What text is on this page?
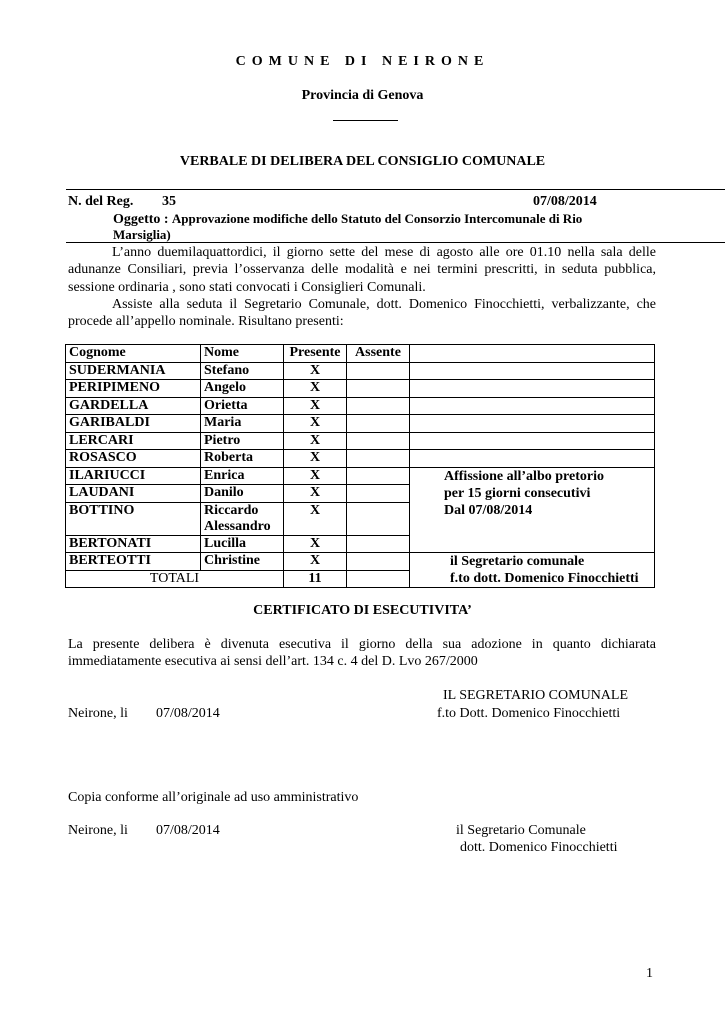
COMUNE DI NEIRONE
Provincia di Genova
VERBALE DI DELIBERA DEL CONSIGLIO COMUNALE
N. del Reg. 35	07/08/2014
Oggetto : Approvazione modifiche dello Statuto del Consorzio Intercomunale di Rio
Marsiglia)

L’anno duemilaquattordici, il giorno sette del mese di agosto alle ore 01.10 nella sala delle adunanze Consiliari, previa l’osservanza delle modalità e nei termini prescritti, in seduta pubblica, sessione ordinaria , sono stati convocati i Consiglieri Comunali.

Assiste alla seduta il Segretario Comunale, dott. Domenico Finocchietti, verbalizzante, che procede all’appello nominale. Risultano presenti:

Cognome	Nome	Presente	Assente	
SUDERMANIA	Stefano	X		
PERIPIMENO	Angelo	X		
GARDELLA	Orietta	X		
GARIBALDI	Maria	X		
LERCARI	Pietro	X		
ROSASCO	Roberta	X		
ILARIUCCI	Enrica	X		Affissione all’albo pretorio
per 15 giorni consecutivi
Dal 07/08/2014

LAUDANI	Danilo	X		
BOTTINO	Riccardo Alessandro	X		
BERTONATI	Lucilla	X		
BERTEOTTI	Christine	X		il Segretario comunale
f.to dott. Domenico Finocchietti

TOTALI		11		
CERTIFICATO DI ESECUTIVITA’
La presente delibera è divenuta esecutiva il giorno della sua adozione in quanto dichiarata immediatamente esecutiva ai sensi dell’art. 134 c. 4 del D. Lvo 267/2000
IL SEGRETARIO COMUNALE
Neirone, li 07/08/2014	f.to Dott. Domenico Finocchietti
Copia conforme all’originale ad uso amministrativo
Neirone, li 07/08/2014	il Segretario Comunale
dott. Domenico Finocchietti
1
